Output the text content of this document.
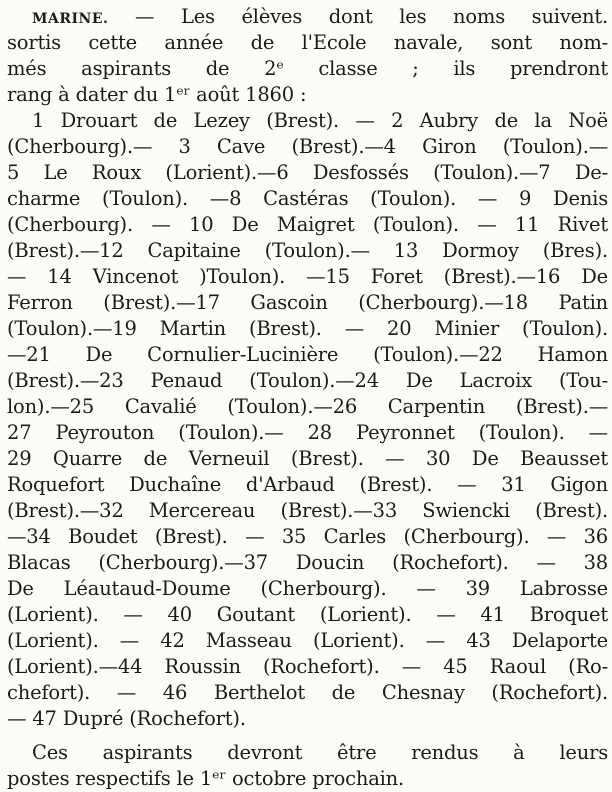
MARINE. — Les élèves dont les noms suivent.
sortis cette année de l'Ecole navale, sont nom-
més aspirants de 2ᵉ classe ; ils prendront
rang à dater du 1ᵉʳ août 1860 :
1 Drouart de Lezey (Brest). — 2 Aubry de la Noë
(Cherbourg).— 3 Cave (Brest).—4 Giron (Toulon).—
5 Le Roux (Lorient).—6 Desfossés (Toulon).—7 De-
charme (Toulon). —8 Castéras (Toulon). — 9 Denis
(Cherbourg). — 10 De Maigret (Toulon). — 11 Rivet
(Brest).—12 Capitaine (Toulon).— 13 Dormoy (Bres).
— 14 Vincenot )Toulon). —15 Foret (Brest).—16 De
Ferron (Brest).—17 Gascoin (Cherbourg).—18 Patin
(Toulon).—19 Martin (Brest). — 20 Minier (Toulon).
—21 De Cornulier-Lucinière (Toulon).—22 Hamon
(Brest).—23 Penaud (Toulon).—24 De Lacroix (Tou-
lon).—25 Cavalié (Toulon).—26 Carpentin (Brest).—
27 Peyrouton (Toulon).— 28 Peyronnet (Toulon). —
29 Quarre de Verneuil (Brest). — 30 De Beausset
Roquefort Duchaîne d'Arbaud (Brest). — 31 Gigon
(Brest).—32 Mercereau (Brest).—33 Swiencki (Brest).
—34 Boudet (Brest). — 35 Carles (Cherbourg). — 36
Blacas (Cherbourg).—37 Doucin (Rochefort). — 38
De Léautaud-Doume (Cherbourg). — 39 Labrosse
(Lorient). — 40 Goutant (Lorient). — 41 Broquet
(Lorient). — 42 Masseau (Lorient). — 43 Delaporte
(Lorient).—44 Roussin (Rochefort). — 45 Raoul (Ro-
chefort). — 46 Berthelot de Chesnay (Rochefort).
— 47 Dupré (Rochefort).
Ces aspirants devront être rendus à leurs
postes respectifs le 1ᵉʳ octobre prochain.
